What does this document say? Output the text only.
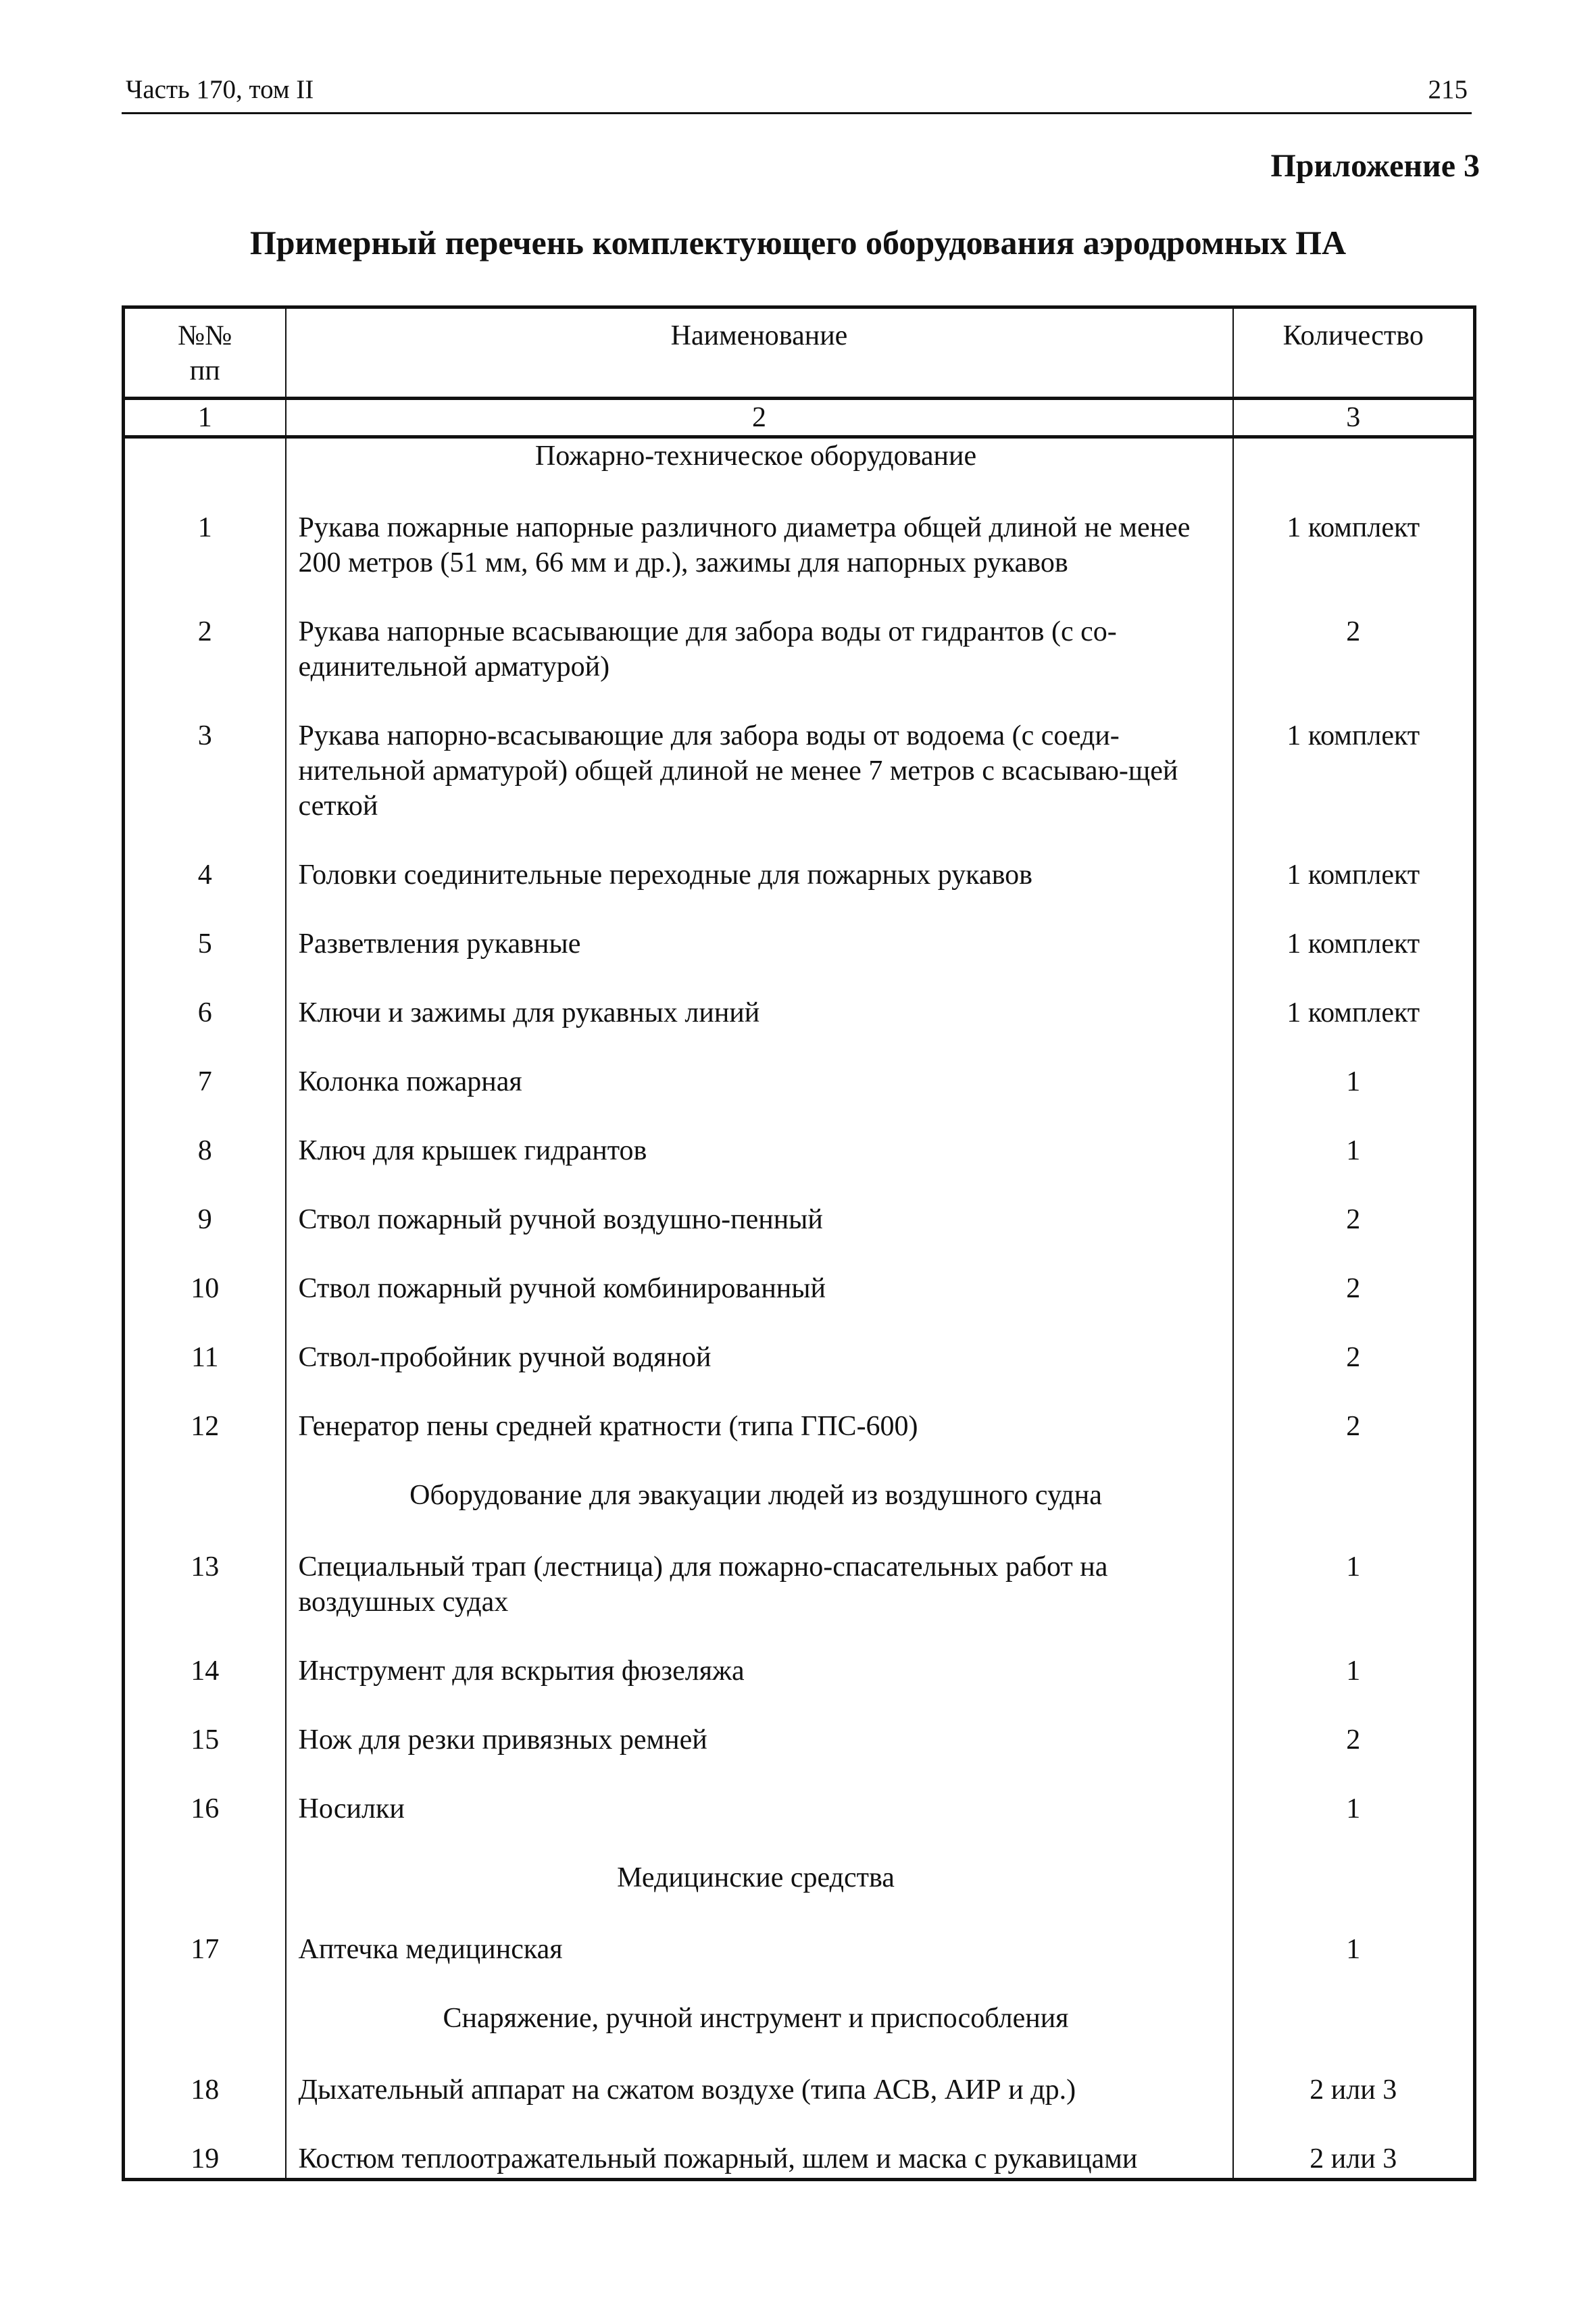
Часть 170, том II	215
Приложение 3
Примерный перечень комплектующего оборудования аэродромных ПА
№№ пп	Наименование	Количество
1	2	3
	Пожарно-техническое оборудование	
1	Рукава пожарные напорные различного диаметра общей длиной не менее 200 метров (51 мм, 66 мм и др.), зажимы для напорных рукавов	1 комплект
2	Рукава напорные всасывающие для забора воды от гидрантов (с со-единительной арматурой)	2
3	Рукава напорно-всасывающие для забора воды от водоема (с соеди-нительной арматурой) общей длиной не менее 7 метров с всасываю-щей сеткой	1 комплект
4	Головки соединительные переходные для пожарных рукавов	1 комплект
5	Разветвления рукавные	1 комплект
6	Ключи и зажимы для рукавных линий	1 комплект
7	Колонка пожарная	1
8	Ключ для крышек гидрантов	1
9	Ствол пожарный ручной воздушно-пенный	2
10	Ствол пожарный ручной комбинированный	2
11	Ствол-пробойник ручной водяной	2
12	Генератор пены средней кратности (типа ГПС-600)	2
	Оборудование для эвакуации людей из воздушного судна	
13	Специальный трап (лестница) для пожарно-спасательных работ на воздушных судах	1
14	Инструмент для вскрытия фюзеляжа	1
15	Нож для резки привязных ремней	2
16	Носилки	1
	Медицинские средства	
17	Аптечка медицинская	1
	Снаряжение, ручной инструмент и приспособления	
18	Дыхательный аппарат на сжатом воздухе (типа АСВ, АИР и др.)	2 или 3
19	Костюм теплоотражательный пожарный, шлем и маска с рукавицами	2 или 3
